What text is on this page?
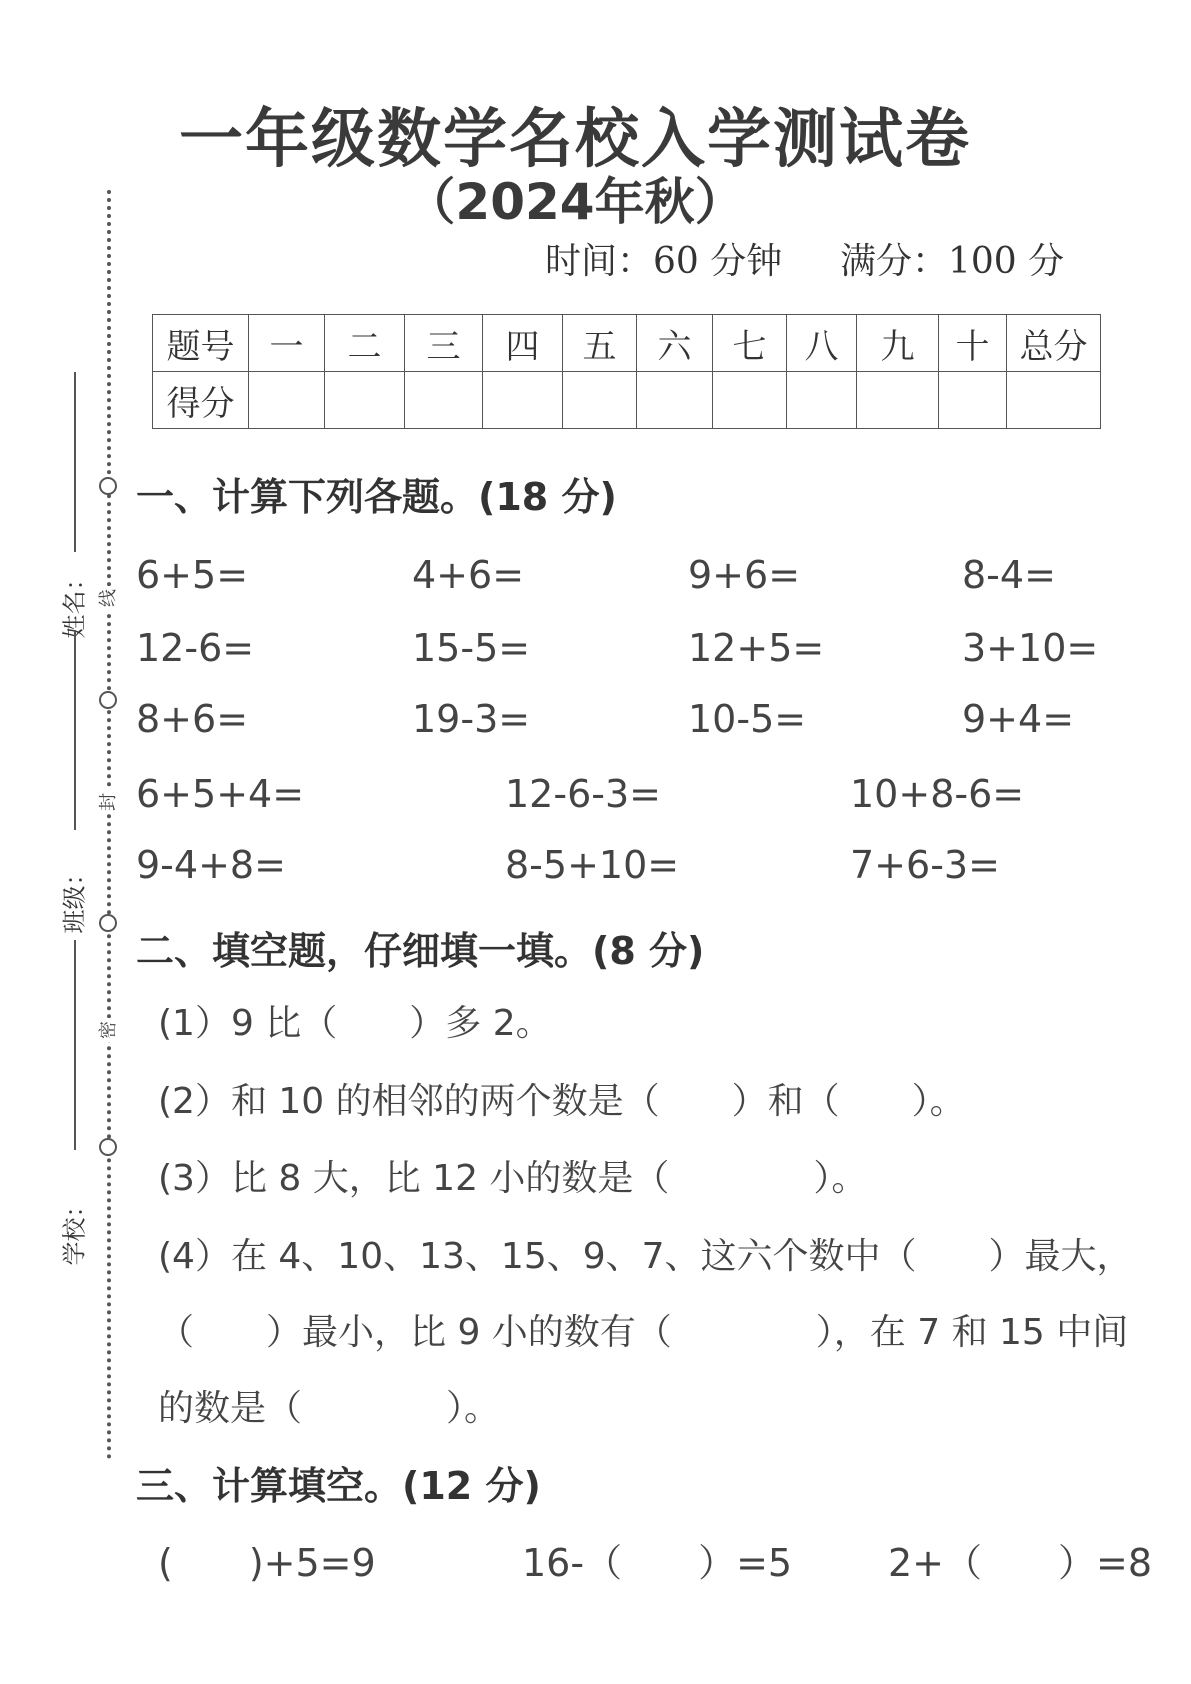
线
封
密
姓名：
班级：
学校：
一年级数学名校入学测试卷
（2024年秋）
时间：60 分钟 满分：100 分
题号	一	二	三	四	五	六	七	八	九	十	总分
得分											
一、计算下列各题。(18 分)
6+5=	4+6=	9+6=	8-4=
12-6=	15-5=	12+5=	3+10=
8+6=	19-3=	10-5=	9+4=
6+5+4=	12-6-3=	10+8-6=
9-4+8=	8-5+10=	7+6-3=
二、填空题，仔细填一填。(8 分)
(1）9 比（　　）多 2。
(2）和 10 的相邻的两个数是（　　）和（　　）。
(3）比 8 大，比 12 小的数是（　　　　）。
(4）在 4、10、13、15、9、7、这六个数中（　　）最大，
（　　）最小，比 9 小的数有（　　　　），在 7 和 15 中间
的数是（　　　　）。
三、计算填空。(12 分)
(　　)+5=9	16-（　　）=5	2+（　　）=8
